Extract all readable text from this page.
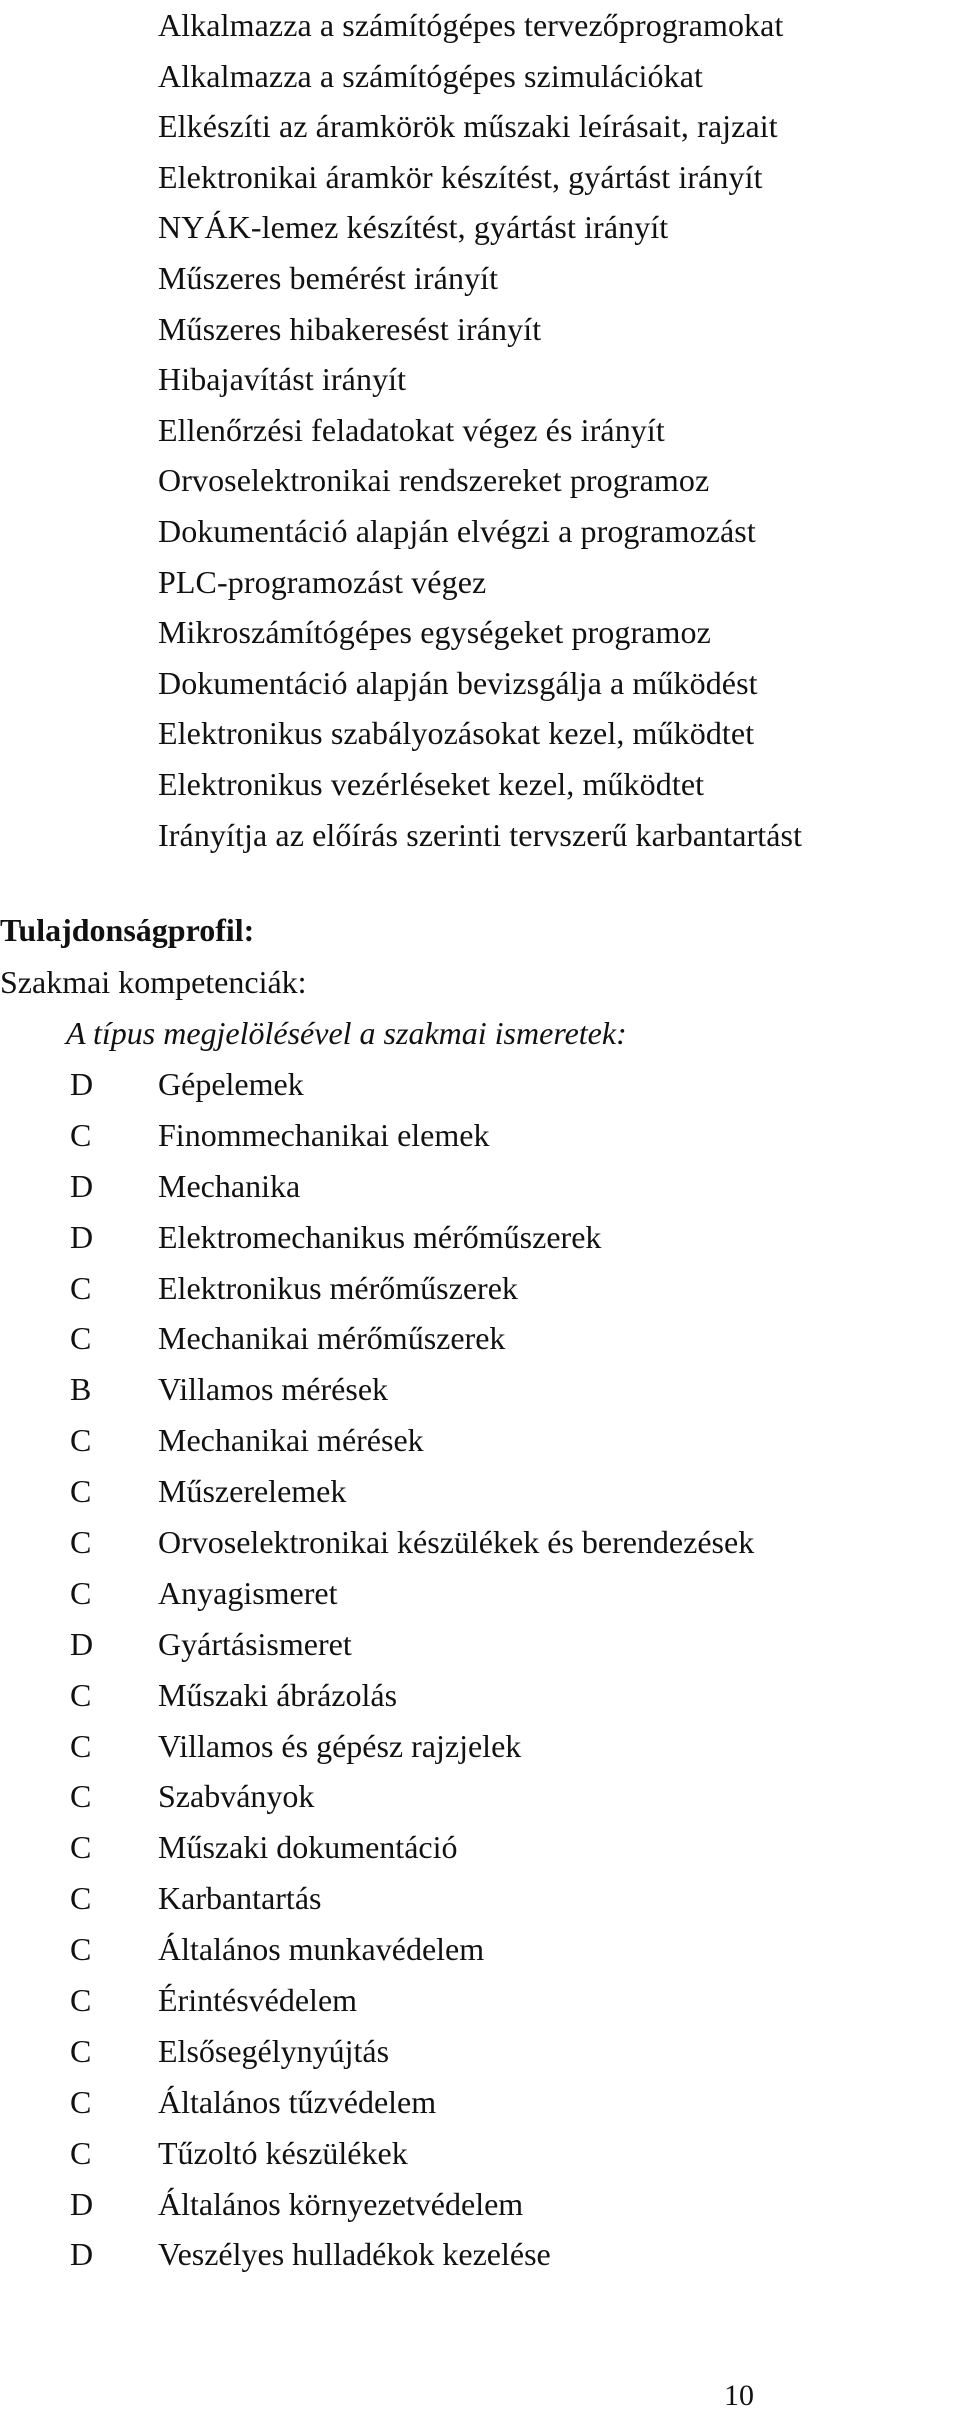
Alkalmazza a számítógépes tervezőprogramokat
Alkalmazza a számítógépes szimulációkat
Elkészíti az áramkörök műszaki leírásait, rajzait
Elektronikai áramkör készítést, gyártást irányít
NYÁK-lemez készítést, gyártást irányít
Műszeres bemérést irányít
Műszeres hibakeresést irányít
Hibajavítást irányít
Ellenőrzési feladatokat végez és irányít
Orvoselektronikai rendszereket programoz
Dokumentáció alapján elvégzi a programozást
PLC-programozást végez
Mikroszámítógépes egységeket programoz
Dokumentáció alapján bevizsgálja a működést
Elektronikus szabályozásokat kezel, működtet
Elektronikus vezérléseket kezel, működtet
Irányítja az előírás szerinti tervszerű karbantartást
Tulajdonságprofil:
Szakmai kompetenciák:
A típus megjelölésével a szakmai ismeretek:
D	Gépelemek
C	Finommechanikai elemek
D	Mechanika
D	Elektromechanikus mérőműszerek
C	Elektronikus mérőműszerek
C	Mechanikai mérőműszerek
B	Villamos mérések
C	Mechanikai mérések
C	Műszerelemek
C	Orvoselektronikai készülékek és berendezések
C	Anyagismeret
D	Gyártásismeret
C	Műszaki ábrázolás
C	Villamos és gépész rajzjelek
C	Szabványok
C	Műszaki dokumentáció
C	Karbantartás
C	Általános munkavédelem
C	Érintésvédelem
C	Elsősegélynyújtás
C	Általános tűzvédelem
C	Tűzoltó készülékek
D	Általános környezetvédelem
D	Veszélyes hulladékok kezelése
10
